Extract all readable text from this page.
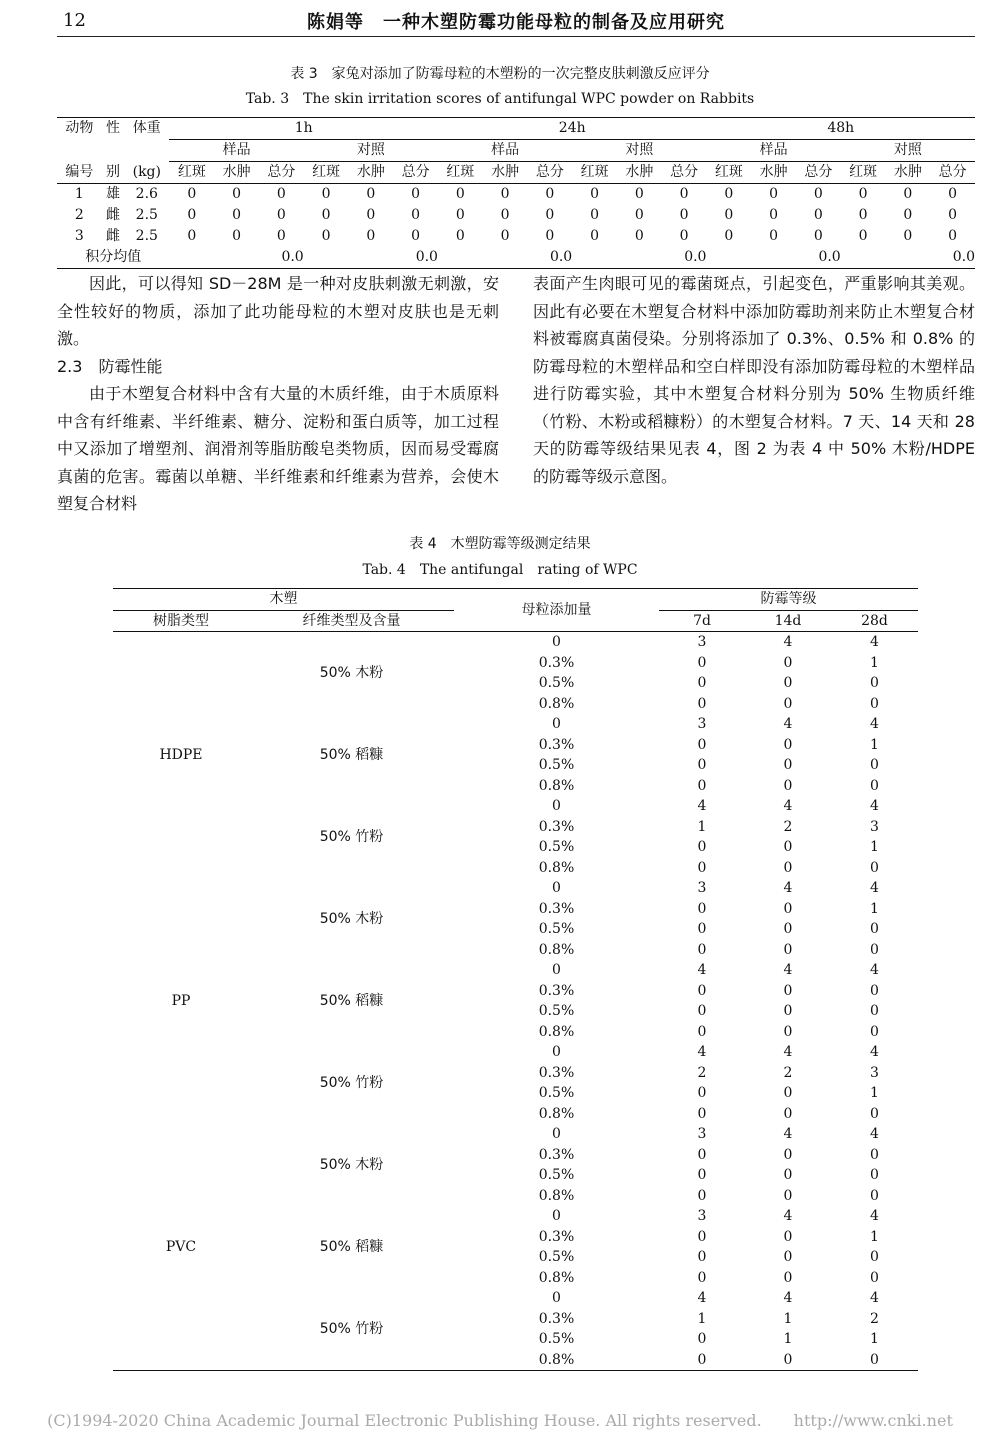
12	陈娟等　一种木塑防霉功能母粒的制备及应用研究
表 3　家兔对添加了防霉母粒的木塑粉的一次完整皮肤刺激反应评分
Tab. 3　The skin irritation scores of antifungal WPC powder on Rabbits
动物	性	体重	1h						24h						48h					
			样品			对照			样品			对照			样品			对照		
编号	别	(kg)	红斑	水肿	总分	红斑	水肿	总分	红斑	水肿	总分	红斑	水肿	总分	红斑	水肿	总分	红斑	水肿	总分
1	雄	2.6	0	0	0	0	0	0	0	0	0	0	0	0	0	0	0	0	0	0
2	雌	2.5	0	0	0	0	0	0	0	0	0	0	0	0	0	0	0	0	0	0
3	雌	2.5	0	0	0	0	0	0	0	0	0	0	0	0	0	0	0	0	0	0
积分均值			0.0			0.0			0.0			0.0			0.0			0.0		

因此，可以得知 SD－28M 是一种对皮肤刺激无刺激，安全性较好的物质，添加了此功能母粒的木塑对皮肤也是无刺激。

2.3　防霉性能

由于木塑复合材料中含有大量的木质纤维，由于木质原料中含有纤维素、半纤维素、糖分、淀粉和蛋白质等，加工过程中又添加了增塑剂、润滑剂等脂肪酸皂类物质，因而易受霉腐真菌的危害。霉菌以单糖、半纤维素和纤维素为营养，会使木塑复合材料

表面产生肉眼可见的霉菌斑点，引起变色，严重影响其美观。因此有必要在木塑复合材料中添加防霉助剂来防止木塑复合材料被霉腐真菌侵染。分别将添加了 0.3%、0.5% 和 0.8% 的防霉母粒的木塑样品和空白样即没有添加防霉母粒的木塑样品进行防霉实验，其中木塑复合材料分别为 50% 生物质纤维（竹粉、木粉或稻糠粉）的木塑复合材料。7 天、14 天和 28 天的防霉等级结果见表 4，图 2 为表 4 中 50% 木粉/HDPE 的防霉等级示意图。

表 4　木塑防霉等级测定结果
Tab. 4　The antifungal　rating of WPC
木塑		母粒添加量	防霉等级		
树脂类型	纤维类型及含量		7d	14d	28d
HDPE	50% 木粉	0	3	4	4
		0.3%	0	0	1
		0.5%	0	0	0
		0.8%	0	0	0
	50% 稻糠	0	3	4	4
		0.3%	0	0	1
		0.5%	0	0	0
		0.8%	0	0	0
	50% 竹粉	0	4	4	4
		0.3%	1	2	3
		0.5%	0	0	1
		0.8%	0	0	0
PP	50% 木粉	0	3	4	4
		0.3%	0	0	1
		0.5%	0	0	0
		0.8%	0	0	0
	50% 稻糠	0	4	4	4
		0.3%	0	0	0
		0.5%	0	0	0
		0.8%	0	0	0
	50% 竹粉	0	4	4	4
		0.3%	2	2	3
		0.5%	0	0	1
		0.8%	0	0	0
PVC	50% 木粉	0	3	4	4
		0.3%	0	0	0
		0.5%	0	0	0
		0.8%	0	0	0
	50% 稻糠	0	3	4	4
		0.3%	0	0	1
		0.5%	0	0	0
		0.8%	0	0	0
	50% 竹粉	0	4	4	4
		0.3%	1	1	2
		0.5%	0	1	1
		0.8%	0	0	0
(C)1994-2020 China Academic Journal Electronic Publishing House. All rights reserved.　　http://www.cnki.net
